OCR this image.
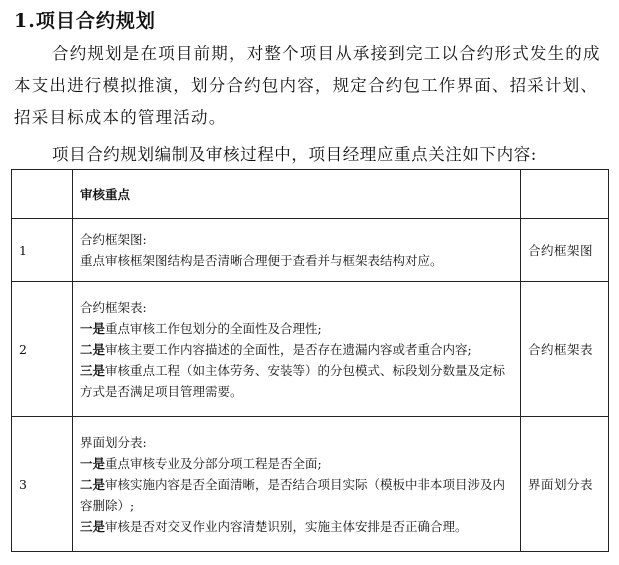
1.项目合约规划

合约规划是在项目前期，对整个项目从承接到完工以合约形式发生的成本支出进行模拟推演，划分合约包内容，规定合约包工作界面、招采计划、招采目标成本的管理活动。

项目合约规划编制及审核过程中，项目经理应重点关注如下内容:

	审核重点	
1	合约框架图:
重点审核框架图结构是否清晰合理便于查看并与框架表结构对应。	合约框架图
2	合约框架表:
一是重点审核工作包划分的全面性及合理性;
二是审核主要工作内容描述的全面性，是否存在遗漏内容或者重合内容;
三是审核重点工程（如主体劳务、安装等）的分包模式、标段划分数量及定标方式是否满足项目管理需要。	合约框架表
3	界面划分表:
一是重点审核专业及分部分项工程是否全面;
二是审核实施内容是否全面清晰，是否结合项目实际（模板中非本项目涉及内容删除）;
三是审核是否对交叉作业内容清楚识别，实施主体安排是否正确合理。	界面划分表
